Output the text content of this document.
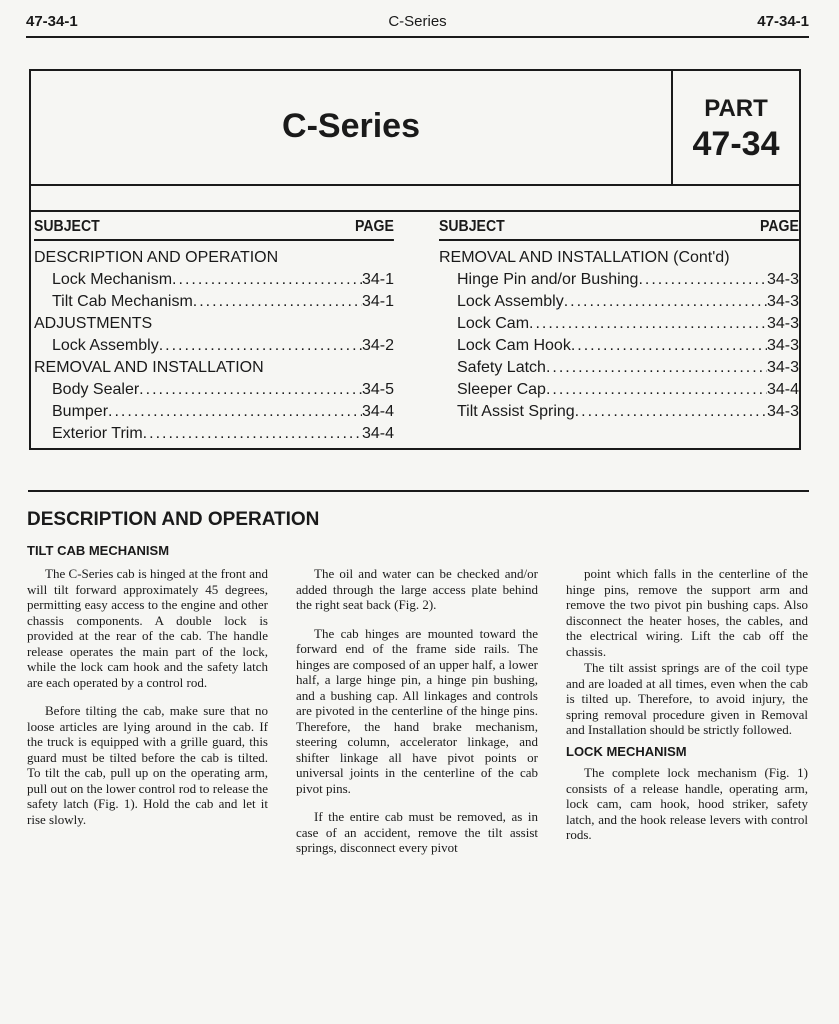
47-34-1	C-Series	47-34-1
C-Series	PART
47-34
SUBJECT	PAGE
DESCRIPTION AND OPERATION
Lock Mechanism .....	34-1
Tilt Cab Mechanism .....	34-1
ADJUSTMENTS
Lock Assembly .....	34-2
REMOVAL AND INSTALLATION
Body Sealer .....	34-5
Bumper .....	34-4
Exterior Trim .....	34-4
SUBJECT	PAGE
REMOVAL AND INSTALLATION (Cont'd)
Hinge Pin and/or Bushing .....	34-3
Lock Assembly .....	34-3
Lock Cam .....	34-3
Lock Cam Hook .....	34-3
Safety Latch .....	34-3
Sleeper Cap .....	34-4
Tilt Assist Spring .....	34-3
DESCRIPTION AND OPERATION
TILT CAB MECHANISM

The C-Series cab is hinged at the front and will tilt forward approximately 45 degrees, permitting easy access to the engine and other chassis components. A double lock is provided at the rear of the cab. The handle release operates the main part of the lock, while the lock cam hook and the safety latch are each operated by a control rod.

Before tilting the cab, make sure that no loose articles are lying around in the cab. If the truck is equipped with a grille guard, this guard must be tilted before the cab is tilted. To tilt the cab, pull up on the operating arm, pull out on the lower control rod to release the safety latch (Fig. 1). Hold the cab and let it rise slowly.

The oil and water can be checked and/or added through the large access plate behind the right seat back (Fig. 2).

The cab hinges are mounted toward the forward end of the frame side rails. The hinges are composed of an upper half, a lower half, a large hinge pin, a hinge pin bushing, and a bushing cap. All linkages and controls are pivoted in the centerline of the hinge pins. Therefore, the hand brake mechanism, steering column, accelerator linkage, and shifter linkage all have pivot points or universal joints in the centerline of the cab pivot pins.

If the entire cab must be removed, as in case of an accident, remove the tilt assist springs, disconnect every pivot

point which falls in the centerline of the hinge pins, remove the support arm and remove the two pivot pin bushing caps. Also disconnect the heater hoses, the cables, and the electrical wiring. Lift the cab off the chassis.

The tilt assist springs are of the coil type and are loaded at all times, even when the cab is tilted up. Therefore, to avoid injury, the spring removal procedure given in Removal and Installation should be strictly followed.

LOCK MECHANISM

The complete lock mechanism (Fig. 1) consists of a release handle, operating arm, lock cam, cam hook, hood striker, safety latch, and the hook release levers with control rods.
